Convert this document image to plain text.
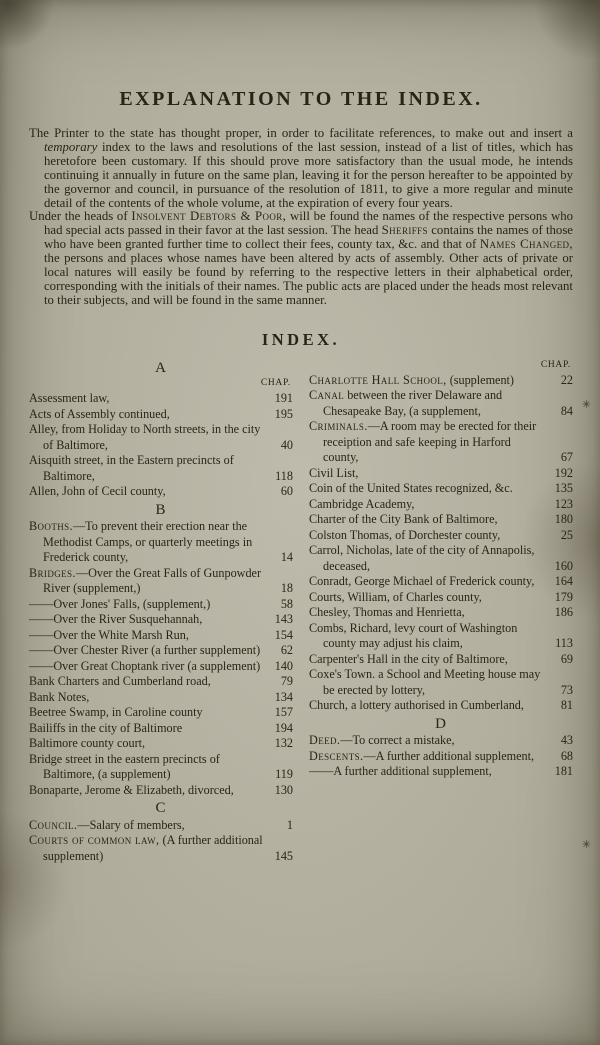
✳
✳
EXPLANATION TO THE INDEX.

The Printer to the state has thought proper, in order to facilitate references, to make out and insert a temporary index to the laws and resolutions of the last session, instead of a list of titles, which has heretofore been customary. If this should prove more satisfactory than the usual mode, he intends continuing it annually in future on the same plan, leaving it for the person hereafter to be appointed by the governor and council, in pursuance of the resolution of 1811, to give a more regular and minute detail of the contents of the whole volume, at the expiration of every four years.

Under the heads of Insolvent Debtors & Poor, will be found the names of the respective persons who had special acts passed in their favor at the last session. The head Sheriffs contains the names of those who have been granted further time to collect their fees, county tax, &c. and that of Names Changed, the persons and places whose names have been altered by acts of assembly. Other acts of private or local natures will easily be found by referring to the respective letters in their alphabetical order, corresponding with the initials of their names. The public acts are placed under the heads most relevant to their subjects, and will be found in the same manner.

INDEX.
A
CHAP.
Assessment law,	191
Acts of Assembly continued,	195
Alley, from Holiday to North streets, in the city of Baltimore,	40
Aisquith street, in the Eastern precincts of Baltimore,	118
Allen, John of Cecil county,	60
B
Booths.—To prevent their erection near the Methodist Camps, or quarterly meetings in Frederick county,	14
Bridges.—Over the Great Falls of Gunpowder River (supplement,)	18
——Over Jones' Falls, (supplement,)	58
——Over the River Susquehannah,	143
——Over the White Marsh Run,	154
——Over Chester River (a further supplement) 62
——Over Great Choptank river (a supplement) 140
Bank Charters and Cumberland road,	79
Bank Notes,	134
Beetree Swamp, in Caroline county	157
Bailiffs in the city of Baltimore	194
Baltimore county court,	132
Bridge street in the eastern precincts of Baltimore, (a supplement)	119
Bonaparte, Jerome & Elizabeth, divorced,	130
C
Council.—Salary of members,	1
Courts of common law, (A further additional supplement)	145
CHAP.
Charlotte Hall School, (supplement)	22
Canal between the river Delaware and Chesapeake Bay, (a supplement,	84
Criminals.—A room may be erected for their receiption and safe keeping in Harford county,	67
Civil List,	192
Coin of the United States recognized, &c.	135
Cambridge Academy,	123
Charter of the City Bank of Baltimore,	180
Colston Thomas, of Dorchester county,	25
Carrol, Nicholas, late of the city of Annapolis, deceased,	160
Conradt, George Michael of Frederick county, 164
Courts, William, of Charles county,	179
Chesley, Thomas and Henrietta,	186
Combs, Richard, levy court of Washington county may adjust his claim,	113
Carpenter's Hall in the city of Baltimore,	69
Coxe's Town. a School and Meeting house may be erected by lottery,	73
Church, a lottery authorised in Cumberland,	81
D
Deed.—To correct a mistake,	43
Descents.—A further additional supplement, 68
——A further additional supplement,	181
